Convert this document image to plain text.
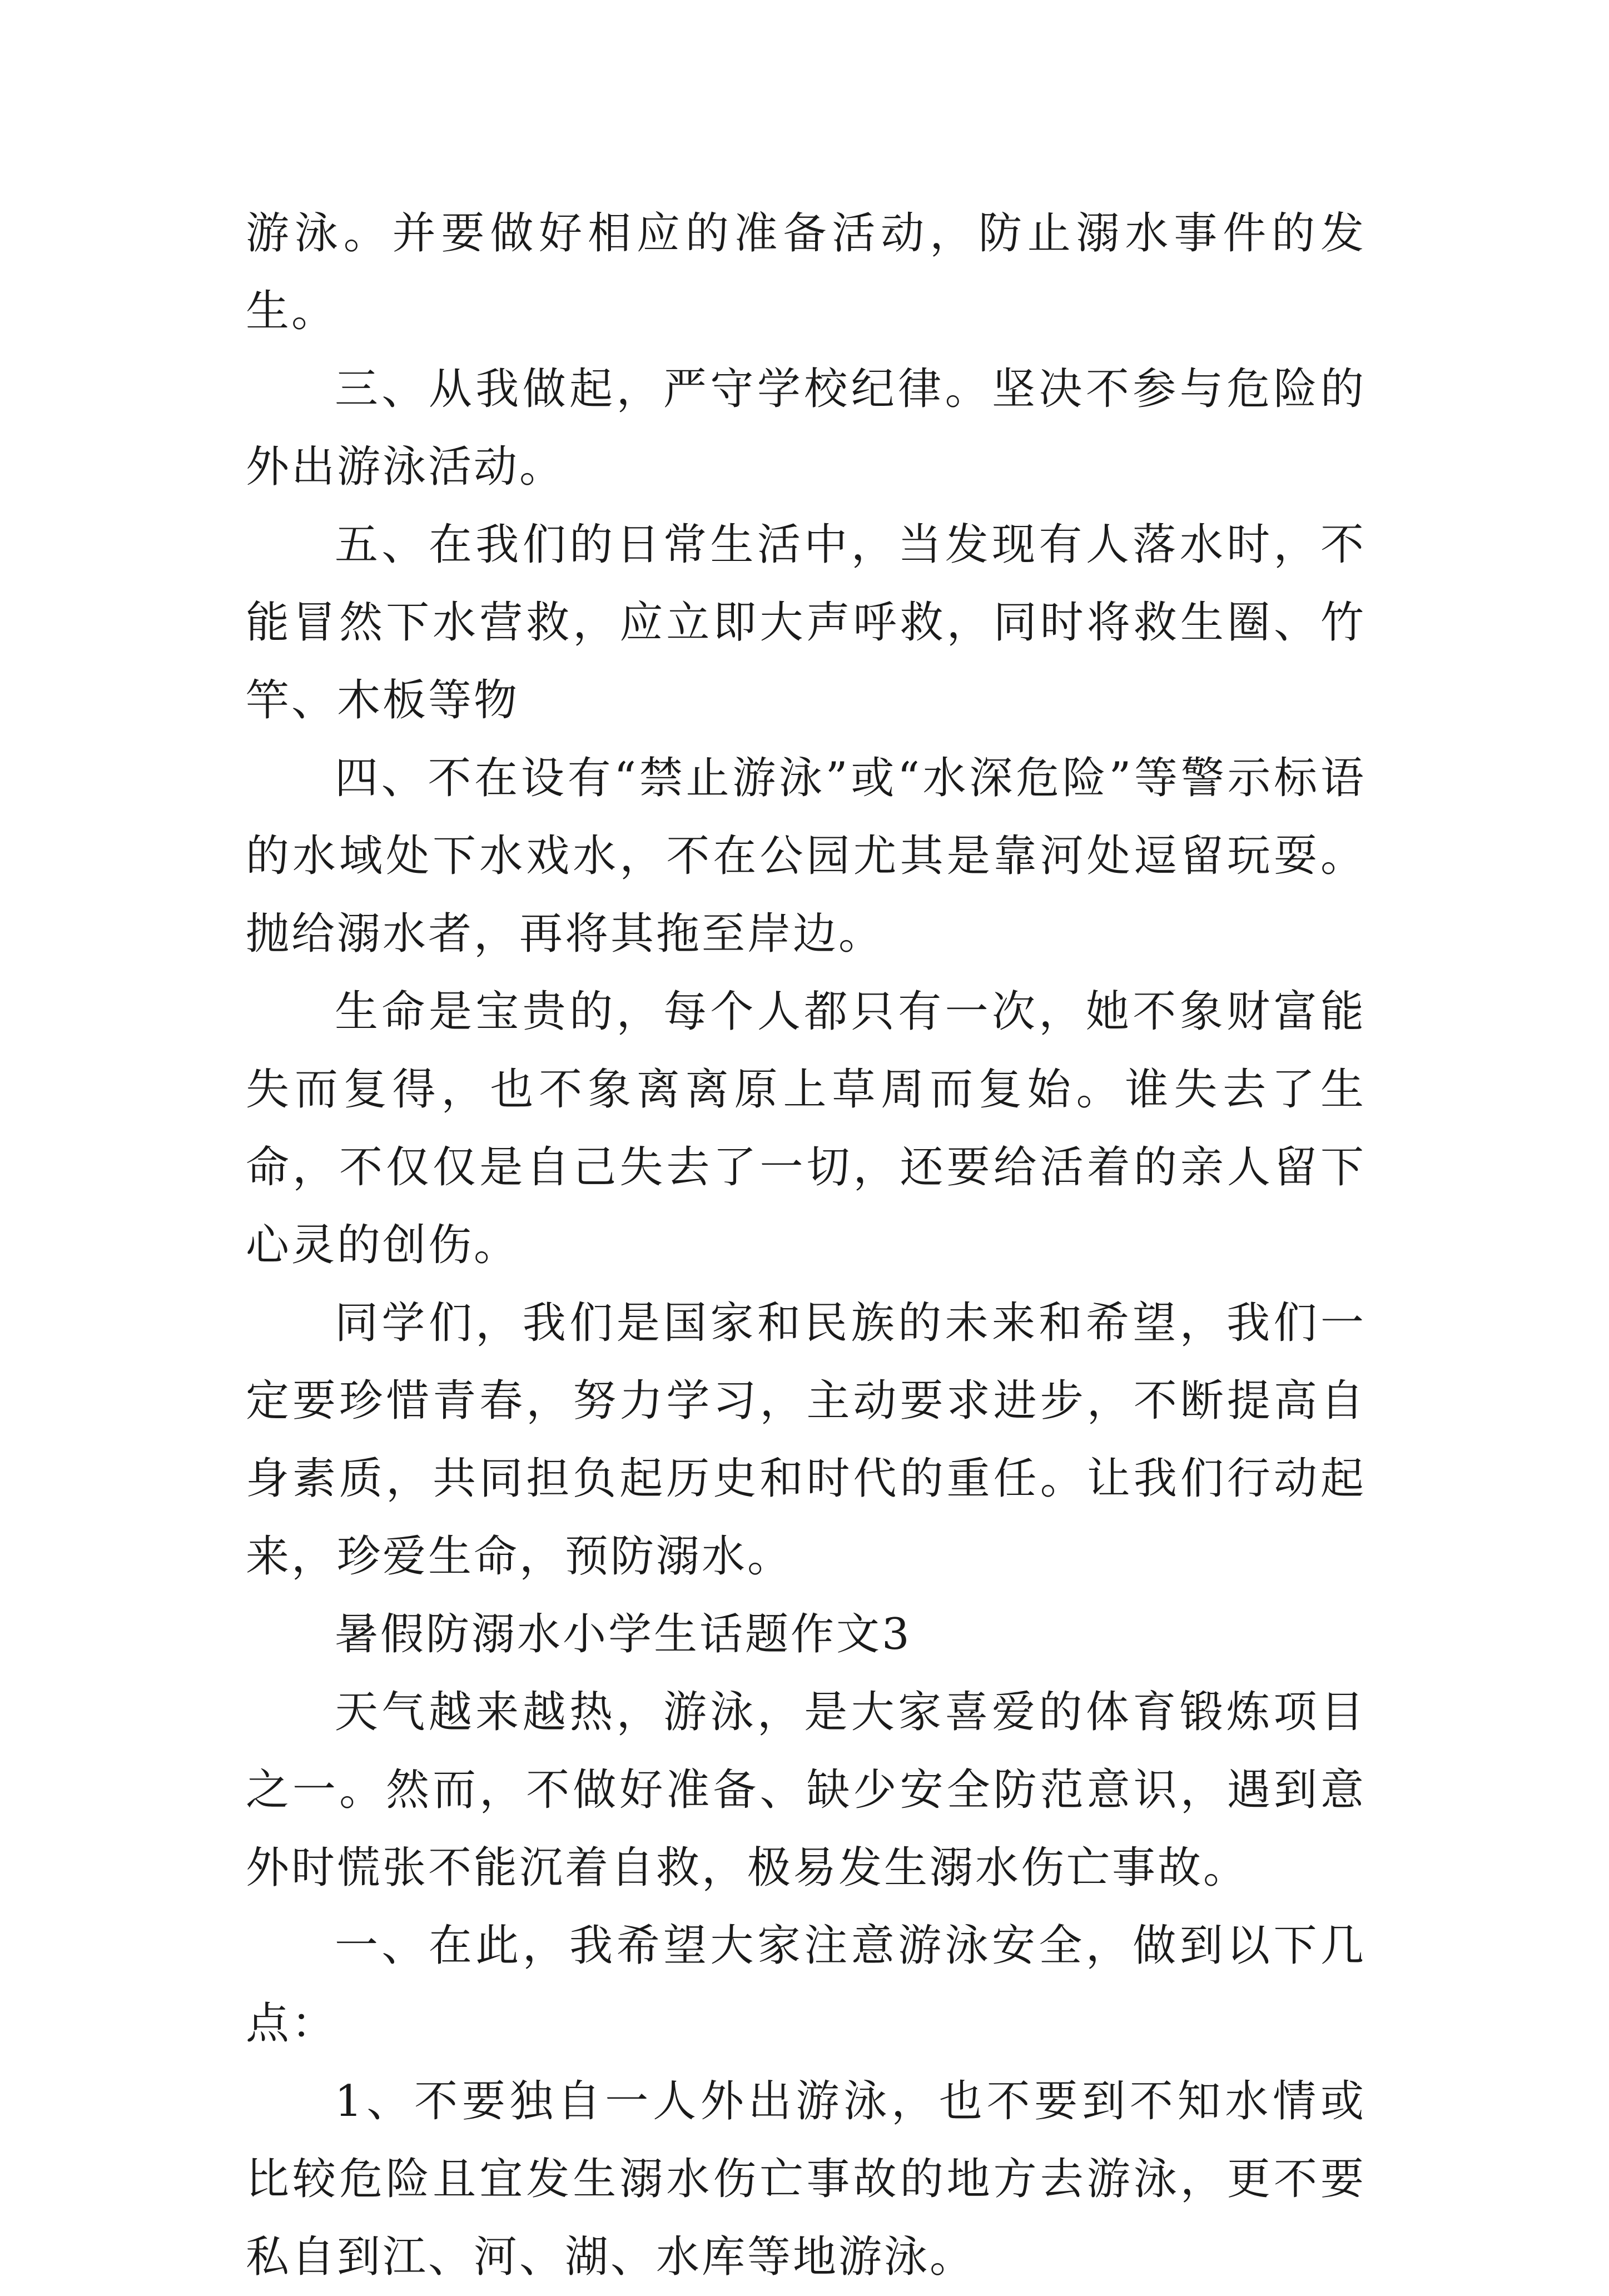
游泳。并要做好相应的准备活动，防止溺水事件的发生。

三、从我做起，严守学校纪律。坚决不参与危险的外出游泳活动。

五、在我们的日常生活中，当发现有人落水时，不能冒然下水营救，应立即大声呼救，同时将救生圈、竹竿、木板等物

四、不在设有“禁止游泳”或“水深危险”等警示标语的水域处下水戏水，不在公园尤其是靠河处逗留玩耍。抛给溺水者，再将其拖至岸边。

生命是宝贵的，每个人都只有一次，她不象财富能失而复得，也不象离离原上草周而复始。谁失去了生命，不仅仅是自己失去了一切，还要给活着的亲人留下心灵的创伤。

同学们，我们是国家和民族的未来和希望，我们一定要珍惜青春，努力学习，主动要求进步，不断提高自身素质，共同担负起历史和时代的重任。让我们行动起来，珍爱生命，预防溺水。

暑假防溺水小学生话题作文3

天气越来越热，游泳，是大家喜爱的体育锻炼项目之一。然而，不做好准备、缺少安全防范意识，遇到意外时慌张不能沉着自救，极易发生溺水伤亡事故。

一、在此，我希望大家注意游泳安全，做到以下几点：

1、不要独自一人外出游泳，也不要到不知水情或比较危险且宜发生溺水伤亡事故的地方去游泳，更不要私自到江、河、湖、水库等地游泳。
